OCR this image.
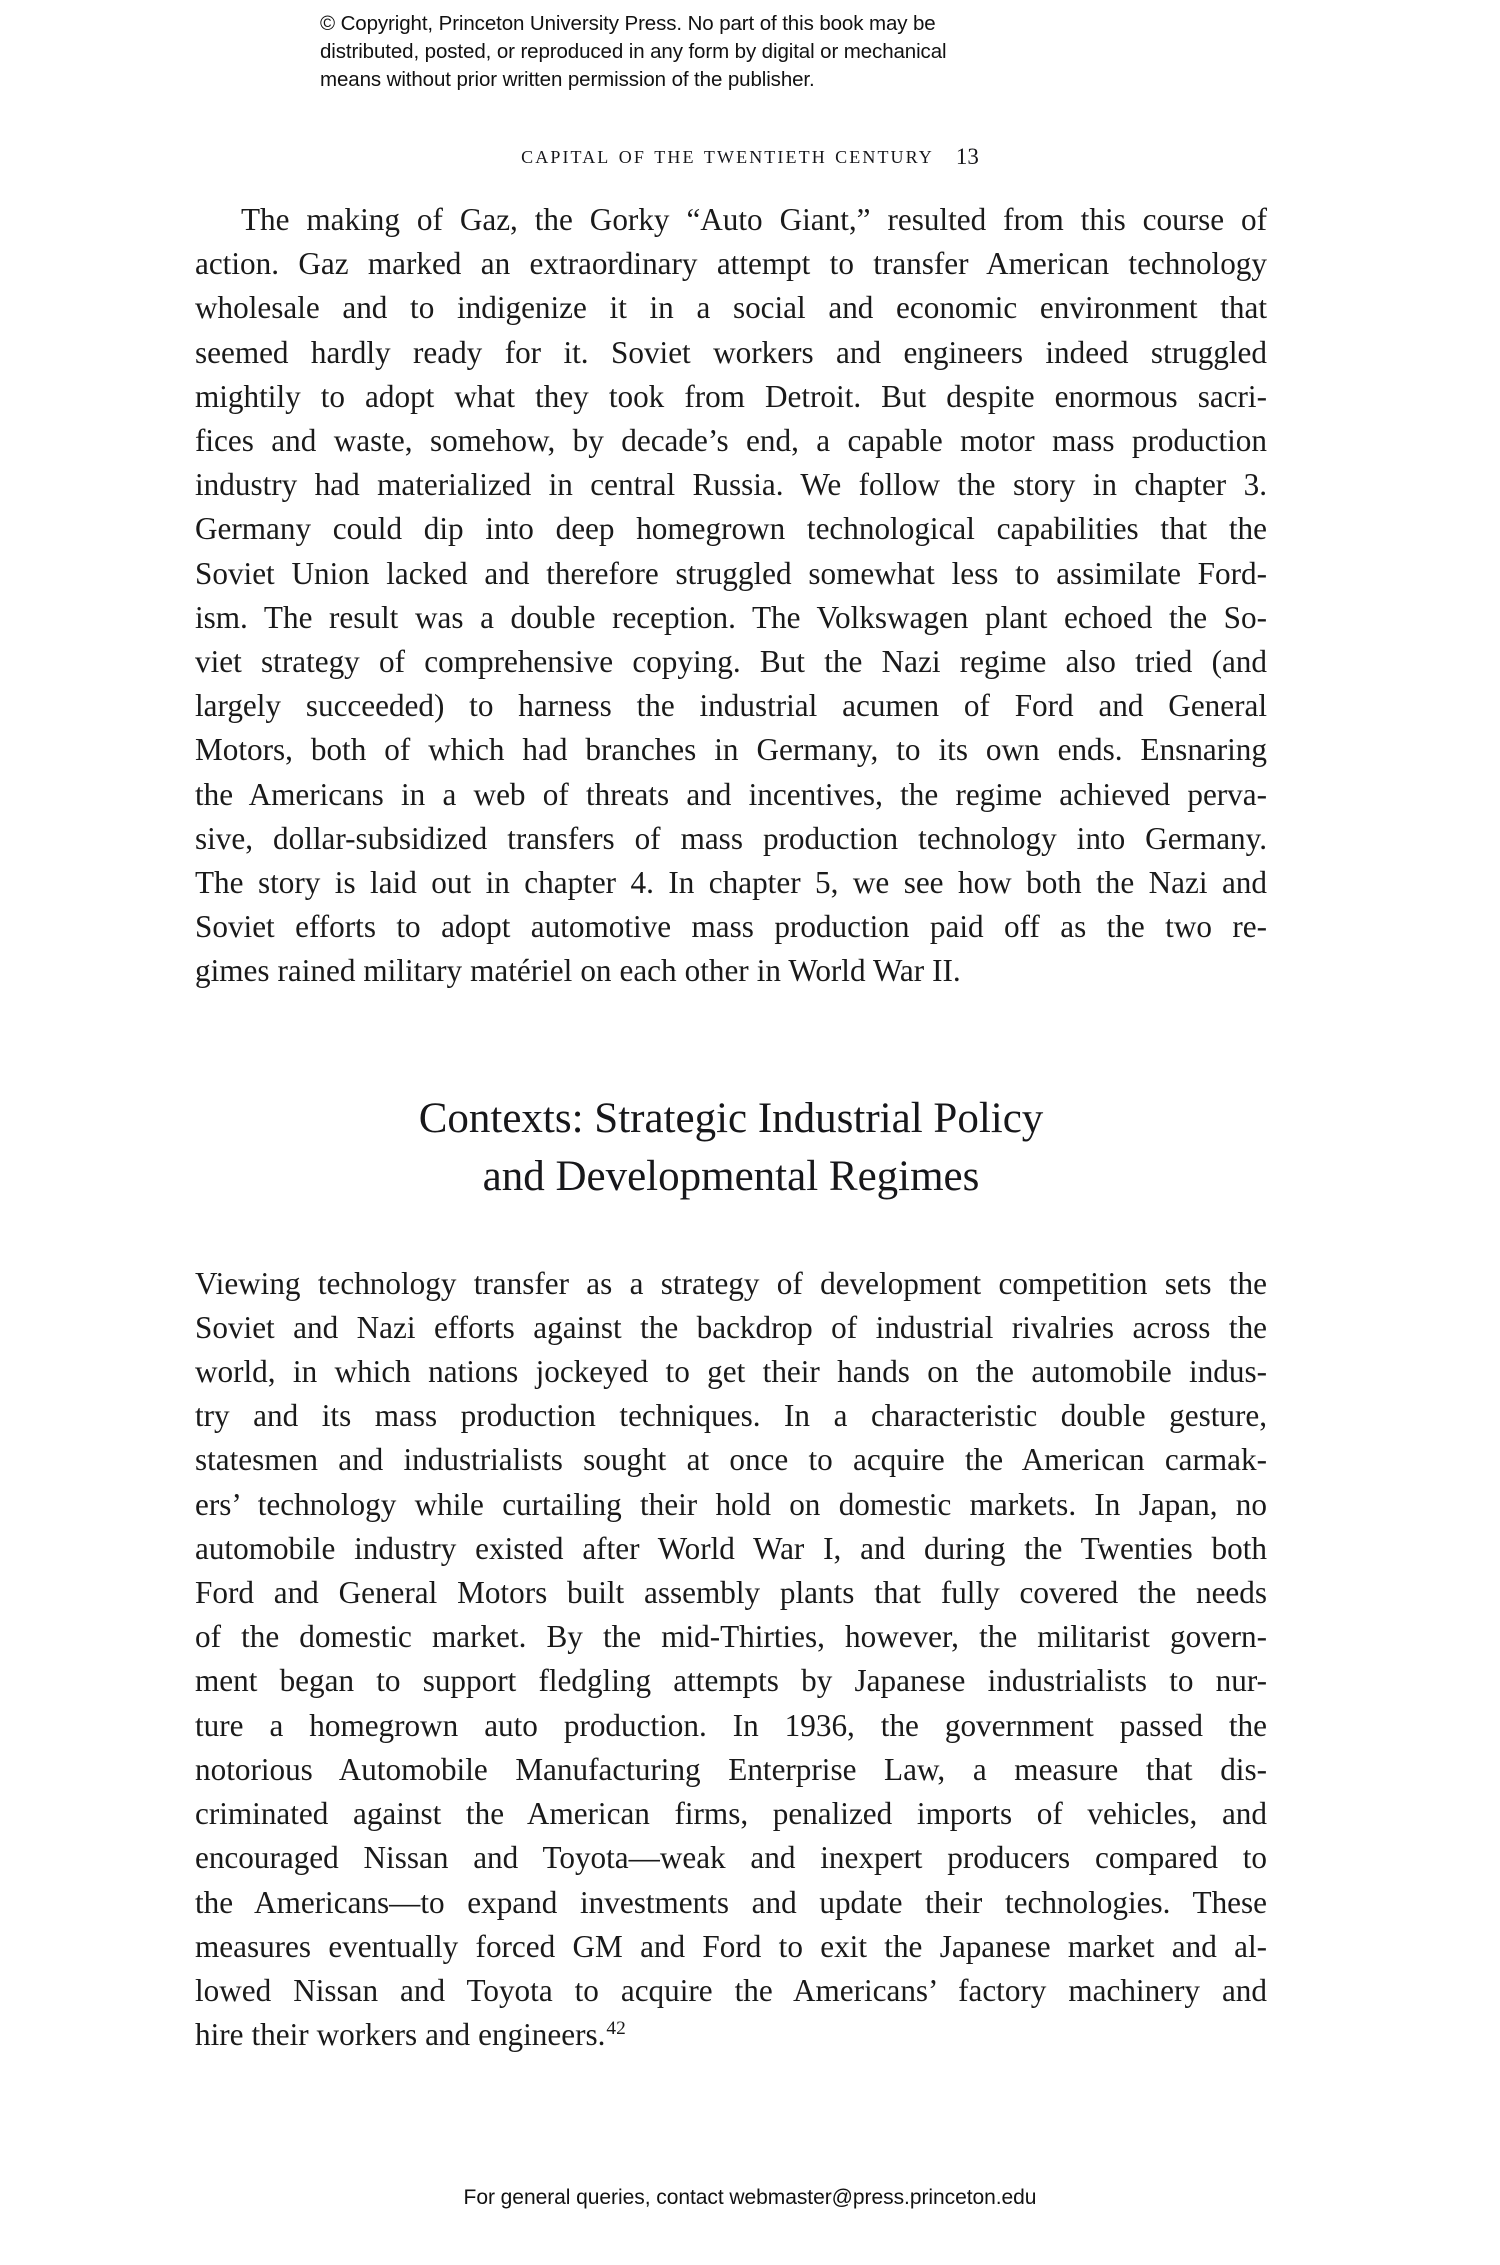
© Copyright, Princeton University Press. No part of this book may be
distributed, posted, or reproduced in any form by digital or mechanical
means without prior written permission of the publisher.
capital of the twentieth century 13

The making of Gaz, the Gorky “Auto Giant,” resulted from this course of
action. Gaz marked an extraordinary attempt to transfer American technology
wholesale and to indigenize it in a social and economic environment that
seemed hardly ready for it. Soviet workers and engineers indeed struggled
mightily to adopt what they took from Detroit. But despite enormous sacri-
fices and waste, somehow, by decade’s end, a capable motor mass production
industry had materialized in central Russia. We follow the story in chapter 3.
Germany could dip into deep homegrown technological capabilities that the
Soviet Union lacked and therefore struggled somewhat less to assimilate Ford-
ism. The result was a double reception. The Volkswagen plant echoed the So-
viet strategy of comprehensive copying. But the Nazi regime also tried (and
largely succeeded) to harness the industrial acumen of Ford and General
Motors, both of which had branches in Germany, to its own ends. Ensnaring
the Americans in a web of threats and incentives, the regime achieved perva-
sive, dollar-subsidized transfers of mass production technology into Germany.
The story is laid out in chapter 4. In chapter 5, we see how both the Nazi and
Soviet efforts to adopt automotive mass production paid off as the two re-
gimes rained military matériel on each other in World War II.

Contexts: Strategic Industrial Policy
and Developmental Regimes

Viewing technology transfer as a strategy of development competition sets the
Soviet and Nazi efforts against the backdrop of industrial rivalries across the
world, in which nations jockeyed to get their hands on the automobile indus-
try and its mass production techniques. In a characteristic double gesture,
statesmen and industrialists sought at once to acquire the American carmak-
ers’ technology while curtailing their hold on domestic markets. In Japan, no
automobile industry existed after World War I, and during the Twenties both
Ford and General Motors built assembly plants that fully covered the needs
of the domestic market. By the mid-Thirties, however, the militarist govern-
ment began to support fledgling attempts by Japanese industrialists to nur-
ture a homegrown auto production. In 1936, the government passed the
notorious Automobile Manufacturing Enterprise Law, a measure that dis-
criminated against the American firms, penalized imports of vehicles, and
encouraged Nissan and Toyota—weak and inexpert producers compared to
the Americans—to expand investments and update their technologies. These
measures eventually forced GM and Ford to exit the Japanese market and al-
lowed Nissan and Toyota to acquire the Americans’ factory machinery and
hire their workers and engineers.$^{42}$

For general queries, contact webmaster@press.princeton.edu
